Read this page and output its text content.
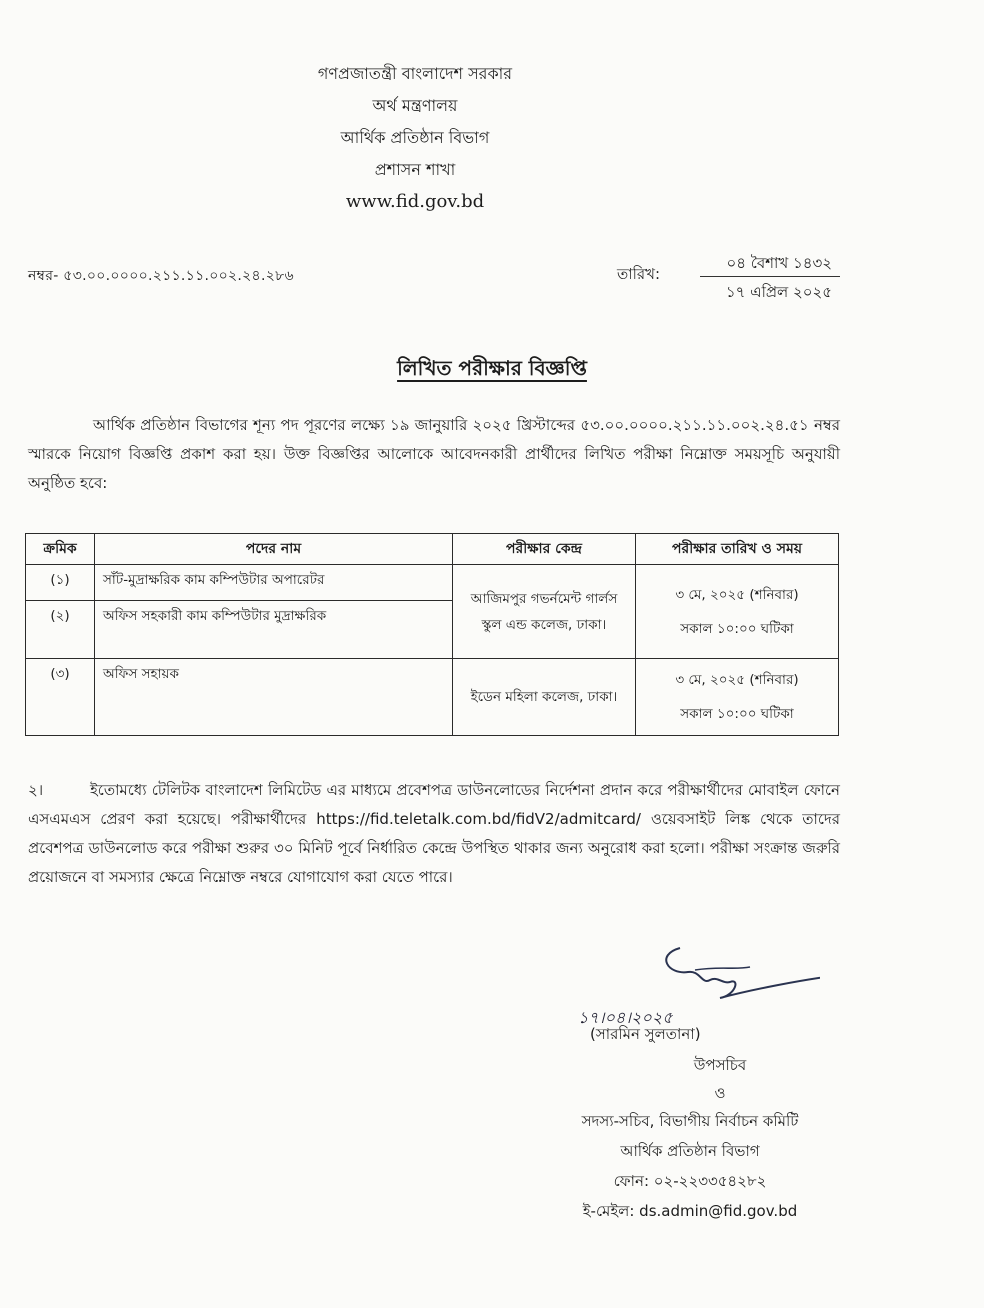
গণপ্রজাতন্ত্রী বাংলাদেশ সরকার
অর্থ মন্ত্রণালয়
আর্থিক প্রতিষ্ঠান বিভাগ
প্রশাসন শাখা
www.fid.gov.bd
নম্বর- ৫৩.০০.০০০০.২১১.১১.০০২.২৪.২৮৬	তারিখ:
০৪ বৈশাখ ১৪৩২
১৭ এপ্রিল ২০২৫
লিখিত পরীক্ষার বিজ্ঞপ্তি
আর্থিক প্রতিষ্ঠান বিভাগের শূন্য পদ পূরণের লক্ষ্যে ১৯ জানুয়ারি ২০২৫ খ্রিস্টাব্দের ৫৩.০০.০০০০.২১১.১১.০০২.২৪.৫১ নম্বর স্মারকে নিয়োগ বিজ্ঞপ্তি প্রকাশ করা হয়। উক্ত বিজ্ঞপ্তির আলোকে আবেদনকারী প্রার্থীদের লিখিত পরীক্ষা নিম্নোক্ত সময়সূচি অনুযায়ী অনুষ্ঠিত হবে:
ক্রমিক	পদের নাম	পরীক্ষার কেন্দ্র	পরীক্ষার তারিখ ও সময়
(১)	সাঁট-মুদ্রাক্ষরিক কাম কম্পিউটার অপারেটর	আজিমপুর গভর্নমেন্ট গার্লস স্কুল এন্ড কলেজ, ঢাকা।	৩ মে, ২০২৫ (শনিবার)
সকাল ১০:০০ ঘটিকা

(২)	অফিস সহকারী কাম কম্পিউটার মুদ্রাক্ষরিক		
(৩)	অফিস সহায়ক	ইডেন মহিলা কলেজ, ঢাকা।	৩ মে, ২০২৫ (শনিবার)
সকাল ১০:০০ ঘটিকা
২।	ইতোমধ্যে টেলিটক বাংলাদেশ লিমিটেড এর মাধ্যমে প্রবেশপত্র ডাউনলোডের নির্দেশনা প্রদান করে পরীক্ষার্থীদের মোবাইল ফোনে এসএমএস প্রেরণ করা হয়েছে। পরীক্ষার্থীদের https://fid.teletalk.com.bd/fidV2/admitcard/ ওয়েবসাইট লিঙ্ক থেকে তাদের প্রবেশপত্র ডাউনলোড করে পরীক্ষা শুরুর ৩০ মিনিট পূর্বে নির্ধারিত কেন্দ্রে উপস্থিত থাকার জন্য অনুরোধ করা হলো। পরীক্ষা সংক্রান্ত জরুরি প্রয়োজনে বা সমস্যার ক্ষেত্রে নিম্নোক্ত নম্বরে যোগাযোগ করা যেতে পারে।
১৭।০৪।২০২৫
(সারমিন সুলতানা)
উপসচিব
ও
সদস্য-সচিব, বিভাগীয় নির্বাচন কমিটি
আর্থিক প্রতিষ্ঠান বিভাগ
ফোন: ০২-২২৩৩৫৪২৮২
ই-মেইল: ds.admin@fid.gov.bd
